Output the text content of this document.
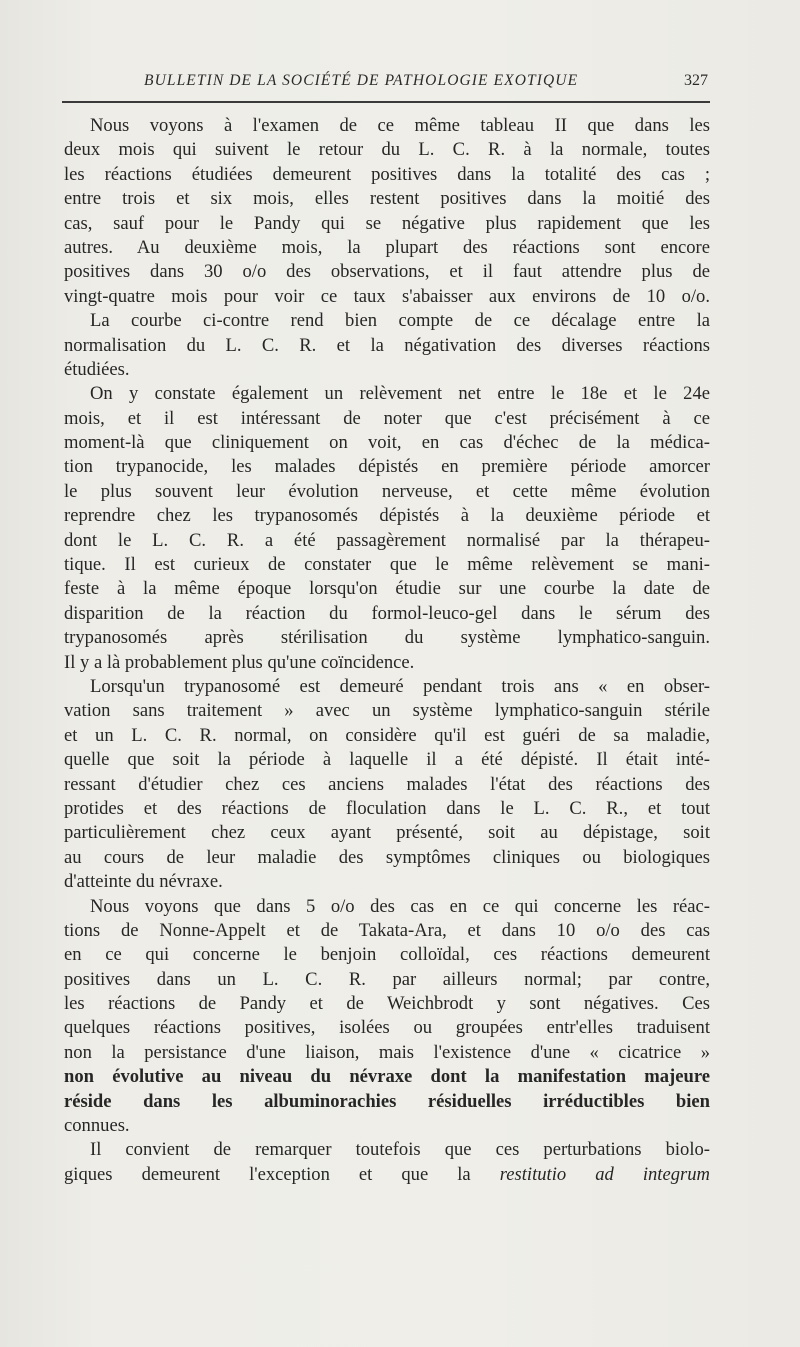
BULLETIN DE LA SOCIÉTÉ DE PATHOLOGIE EXOTIQUE	327
Nous voyons à l'examen de ce même tableau II que dans les
deux mois qui suivent le retour du L. C. R. à la normale, toutes
les réactions étudiées demeurent positives dans la totalité des cas ;
entre trois et six mois, elles restent positives dans la moitié des
cas, sauf pour le Pandy qui se négative plus rapidement que les
autres. Au deuxième mois, la plupart des réactions sont encore
positives dans 30 o/o des observations, et il faut attendre plus de
vingt-quatre mois pour voir ce taux s'abaisser aux environs de 10 o/o.
La courbe ci-contre rend bien compte de ce décalage entre la
normalisation du L. C. R. et la négativation des diverses réactions
étudiées.
On y constate également un relèvement net entre le 18e et le 24e
mois, et il est intéressant de noter que c'est précisément à ce
moment-là que cliniquement on voit, en cas d'échec de la médica-
tion trypanocide, les malades dépistés en première période amorcer
le plus souvent leur évolution nerveuse, et cette même évolution
reprendre chez les trypanosomés dépistés à la deuxième période et
dont le L. C. R. a été passagèrement normalisé par la thérapeu-
tique. Il est curieux de constater que le même relèvement se mani-
feste à la même époque lorsqu'on étudie sur une courbe la date de
disparition de la réaction du formol-leuco-gel dans le sérum des
trypanosomés après stérilisation du système lymphatico-sanguin.
Il y a là probablement plus qu'une coïncidence.
Lorsqu'un trypanosomé est demeuré pendant trois ans « en obser-
vation sans traitement » avec un système lymphatico-sanguin stérile
et un L. C. R. normal, on considère qu'il est guéri de sa maladie,
quelle que soit la période à laquelle il a été dépisté. Il était inté-
ressant d'étudier chez ces anciens malades l'état des réactions des
protides et des réactions de floculation dans le L. C. R., et tout
particulièrement chez ceux ayant présenté, soit au dépistage, soit
au cours de leur maladie des symptômes cliniques ou biologiques
d'atteinte du névraxe.
Nous voyons que dans 5 o/o des cas en ce qui concerne les réac-
tions de Nonne-Appelt et de Takata-Ara, et dans 10 o/o des cas
en ce qui concerne le benjoin colloïdal, ces réactions demeurent
positives dans un L. C. R. par ailleurs normal; par contre,
les réactions de Pandy et de Weichbrodt y sont négatives. Ces
quelques réactions positives, isolées ou groupées entr'elles traduisent
non la persistance d'une liaison, mais l'existence d'une « cicatrice »
non évolutive au niveau du névraxe dont la manifestation majeure
réside dans les albuminorachies résiduelles irréductibles bien
connues.
Il convient de remarquer toutefois que ces perturbations biolo-
giques demeurent l'exception et que la restitutio ad integrum
